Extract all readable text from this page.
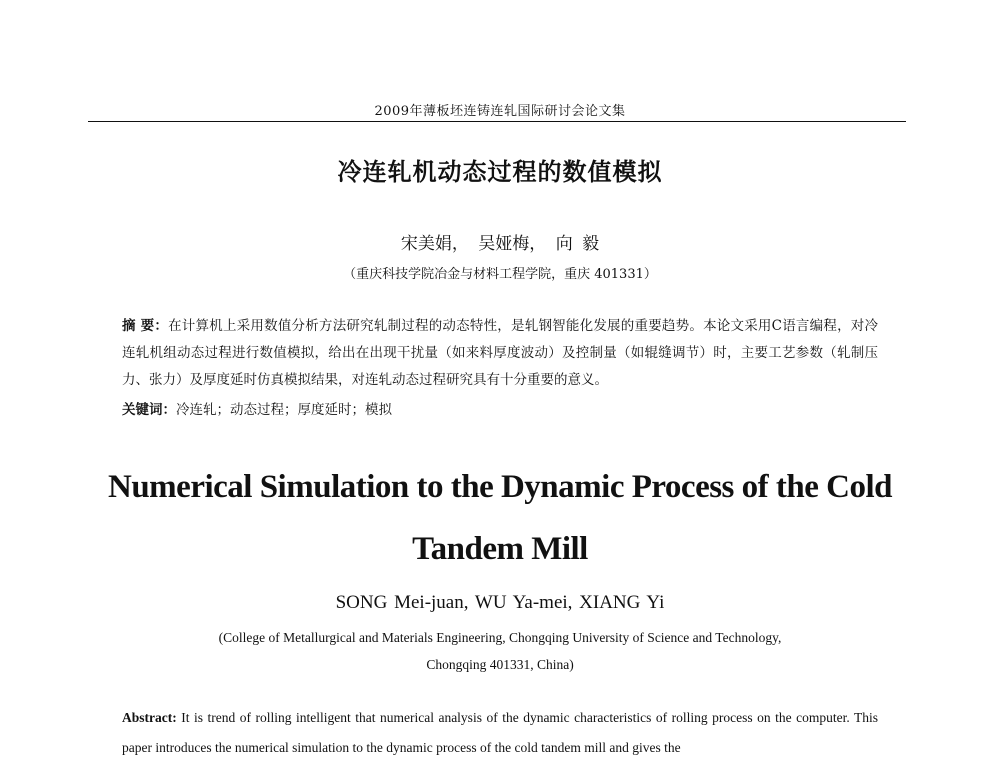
2009年薄板坯连铸连轧国际研讨会论文集
冷连轧机动态过程的数值模拟
宋美娟， 吴娅梅， 向 毅
（重庆科技学院冶金与材料工程学院，重庆 401331）
摘 要：在计算机上采用数值分析方法研究轧制过程的动态特性，是轧钢智能化发展的重要趋势。本论文采用C语言编程，对冷连轧机组动态过程进行数值模拟，给出在出现干扰量（如来料厚度波动）及控制量（如辊缝调节）时，主要工艺参数（轧制压力、张力）及厚度延时仿真模拟结果，对连轧动态过程研究具有十分重要的意义。
关键词：冷连轧；动态过程；厚度延时；模拟
Numerical Simulation to the Dynamic Process of the Cold
Tandem Mill
SONG Mei-juan, WU Ya-mei, XIANG Yi
(College of Metallurgical and Materials Engineering, Chongqing University of Science and Technology,
Chongqing 401331, China)
Abstract: It is trend of rolling intelligent that numerical analysis of the dynamic characteristics of rolling process on the computer. This paper introduces the numerical simulation to the dynamic process of the cold tandem mill and gives the
